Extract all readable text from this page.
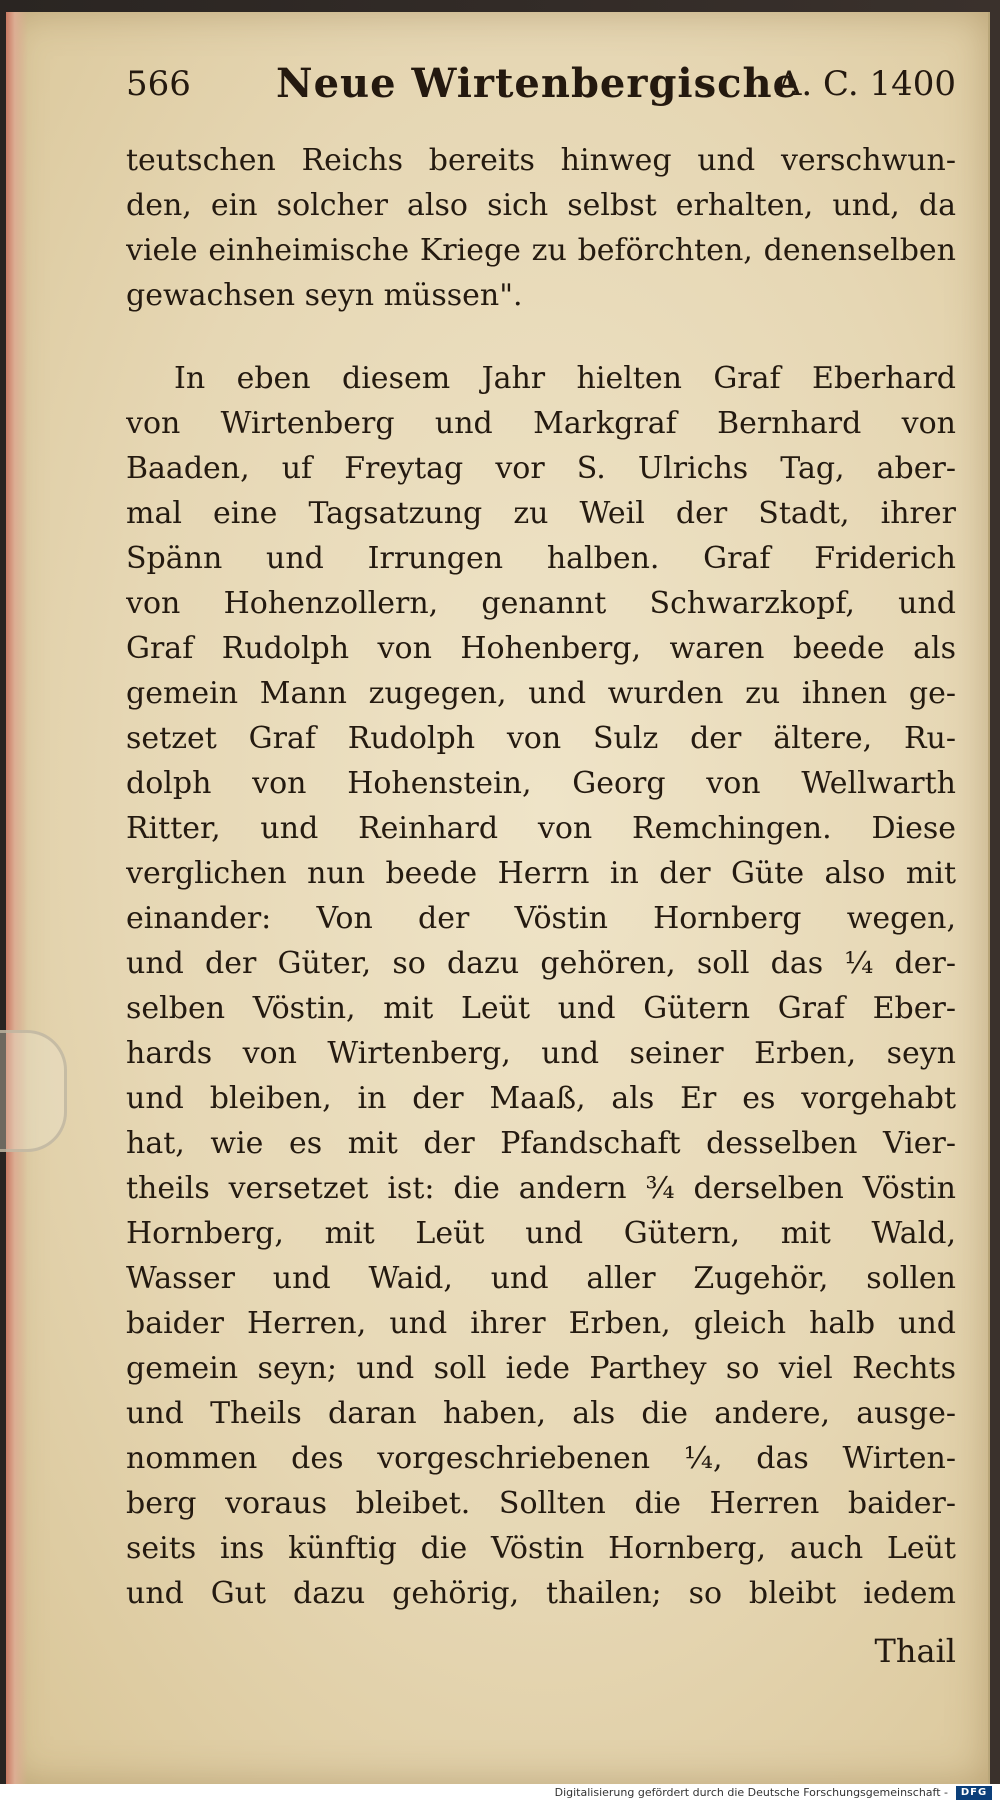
566 Neue Wirtenbergische
A. C. 1400
teutschen Reichs bereits hinweg und verschwun-
den, ein solcher also sich selbst erhalten, und, da
viele einheimische Kriege zu beförchten, denenselben
gewachsen seyn müssen".
In eben diesem Jahr hielten Graf Eberhard
von Wirtenberg und Markgraf Bernhard von
Baaden, uf Freytag vor S. Ulrichs Tag, aber-
mal eine Tagsatzung zu Weil der Stadt, ihrer
Spänn und Irrungen halben. Graf Friderich
von Hohenzollern, genannt Schwarzkopf, und
Graf Rudolph von Hohenberg, waren beede als
gemein Mann zugegen, und wurden zu ihnen ge-
setzet Graf Rudolph von Sulz der ältere, Ru-
dolph von Hohenstein, Georg von Wellwarth
Ritter, und Reinhard von Remchingen. Diese
verglichen nun beede Herrn in der Güte also mit
einander: Von der Vöstin Hornberg wegen,
und der Güter, so dazu gehören, soll das ¼ der-
selben Vöstin, mit Leüt und Gütern Graf Eber-
hards von Wirtenberg, und seiner Erben, seyn
und bleiben, in der Maaß, als Er es vorgehabt
hat, wie es mit der Pfandschaft desselben Vier-
theils versetzet ist: die andern ¾ derselben Vöstin
Hornberg, mit Leüt und Gütern, mit Wald,
Wasser und Waid, und aller Zugehör, sollen
baider Herren, und ihrer Erben, gleich halb und
gemein seyn; und soll iede Parthey so viel Rechts
und Theils daran haben, als die andere, ausge-
nommen des vorgeschriebenen ¼, das Wirten-
berg voraus bleibet. Sollten die Herren baider-
seits ins künftig die Vöstin Hornberg, auch Leüt
und Gut dazu gehörig, thailen; so bleibt iedem
Thail
Digitalisierung gefördert durch die Deutsche Forschungsgemeinschaft -	DFG
